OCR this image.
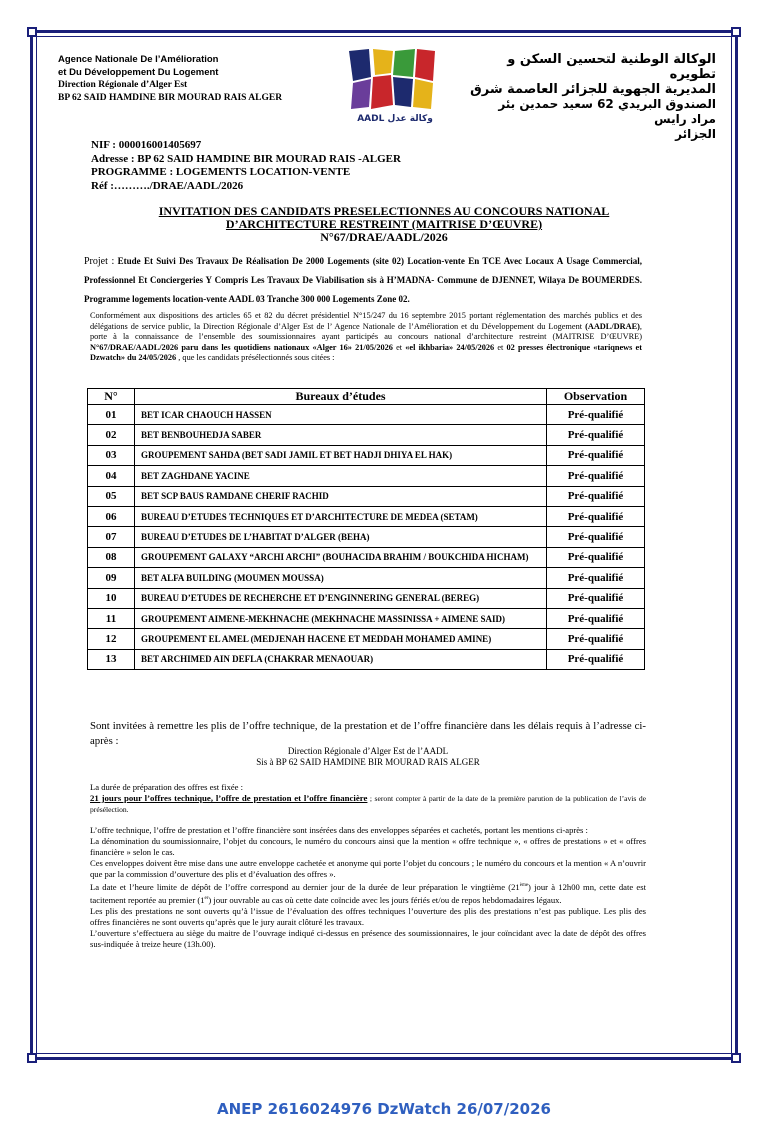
Agence Nationale De l’Amélioration
et Du Développement Du Logement
Direction Régionale d’Alger Est
BP 62 SAID HAMDINE BIR MOURAD RAIS ALGER
AADL وكالة عدل
الوكالة الوطنية لتحسين السكن و تطويره
المديرية الجهوية للجزائر العاصمة شرق
الصندوق البريدي 62 سعيد حمدين بئر مراد رايس
الجزائر
NIF : 000016001405697
Adresse : BP 62 SAID HAMDINE BIR MOURAD RAIS -ALGER
PROGRAMME : LOGEMENTS LOCATION-VENTE
Réf :………./DRAE/AADL/2026
INVITATION DES CANDIDATS PRESELECTIONNES AU CONCOURS NATIONAL
D’ARCHITECTURE RESTREINT (MAITRISE D’ŒUVRE)
N°67/DRAE/AADL/2026
Projet : Etude Et Suivi Des Travaux De Réalisation De 2000 Logements (site 02) Location-vente En TCE Avec Locaux A Usage Commercial, Professionnel Et Conciergeries Y Compris Les Travaux De Viabilisation sis à H’MADNA- Commune de DJENNET, Wilaya De BOUMERDES. Programme logements location-vente AADL 03 Tranche 300 000 Logements Zone 02.
Conformément aux dispositions des articles 65 et 82 du décret présidentiel N°15/247 du 16 septembre 2015 portant réglementation des marchés publics et des délégations de service public, la Direction Régionale d’Alger Est de l’ Agence Nationale de l’Amélioration et du Développement du Logement (AADL/DRAE), porte à la connaissance de l’ensemble des soumissionnaires ayant participés au concours national d’architecture restreint (MAITRISE D’ŒUVRE) N°67/DRAE/AADL/2026 paru dans les quotidiens nationaux «Alger 16» 21/05/2026 et «el ikhbaria» 24/05/2026 et 02 presses électronique «tariqnews et Dzwatch» du 24/05/2026 , que les candidats présélectionnés sous citées :
N°	Bureaux d’études	Observation
01	BET ICAR CHAOUCH HASSEN	Pré-qualifié
02	BET BENBOUHEDJA SABER	Pré-qualifié
03	GROUPEMENT SAHDA (BET SADI JAMIL ET BET HADJI DHIYA EL HAK)	Pré-qualifié
04	BET ZAGHDANE YACINE	Pré-qualifié
05	BET SCP BAUS RAMDANE CHERIF RACHID	Pré-qualifié
06	BUREAU D’ETUDES TECHNIQUES ET D’ARCHITECTURE DE MEDEA (SETAM)	Pré-qualifié
07	BUREAU D’ETUDES DE L’HABITAT D’ALGER (BEHA)	Pré-qualifié
08	GROUPEMENT GALAXY “ARCHI ARCHI” (BOUHACIDA BRAHIM / BOUKCHIDA HICHAM)	Pré-qualifié
09	BET ALFA BUILDING (MOUMEN MOUSSA)	Pré-qualifié
10	BUREAU D’ETUDES DE RECHERCHE ET D’ENGINNERING GENERAL (BEREG)	Pré-qualifié
11	GROUPEMENT AIMENE-MEKHNACHE (MEKHNACHE MASSINISSA + AIMENE SAID)	Pré-qualifié
12	GROUPEMENT EL AMEL (MEDJENAH HACENE ET MEDDAH MOHAMED AMINE)	Pré-qualifié
13	BET ARCHIMED AIN DEFLA (CHAKRAR MENAOUAR)	Pré-qualifié
Sont invitées à remettre les plis de l’offre technique, de la prestation et de l’offre financière dans les délais requis à l’adresse ci- après :
Direction Régionale d’Alger Est de l’AADL
Sis à BP 62 SAID HAMDINE BIR MOURAD RAIS ALGER

La durée de préparation des offres est fixée :

21 jours pour l’offres technique, l’offre de prestation et l’offre financière ; seront compter à partir de la date de la première parution de la publication de l’avis de présélection.

L’offre technique, l’offre de prestation et l’offre financière sont insérées dans des enveloppes séparées et cachetés, portant les mentions ci-après :

La dénomination du soumissionnaire, l’objet du concours, le numéro du concours ainsi que la mention « offre technique », « offres de prestations » et « offres financière » selon le cas.

Ces enveloppes doivent être mise dans une autre enveloppe cachetée et anonyme qui porte l’objet du concours ; le numéro du concours et la mention « A n’ouvrir que par la commission d’ouverture des plis et d’évaluation des offres ».

La date et l’heure limite de dépôt de l’offre correspond au dernier jour de la durée de leur préparation le vingtième (21ème) jour à 12h00 mn, cette date est tacitement reportée au premier (1er) jour ouvrable au cas où cette date coïncide avec les jours fériés et/ou de repos hebdomadaires légaux.

Les plis des prestations ne sont ouverts qu’à l’issue de l’évaluation des offres techniques l’ouverture des plis des prestations n’est pas publique. Les plis des offres financières ne sont ouverts qu’après que le jury aurait clôturé les travaux.

L’ouverture s’effectuera au siège du maitre de l’ouvrage indiqué ci-dessus en présence des soumissionnaires, le jour coïncidant avec la date de dépôt des offres sus-indiquée à treize heure (13h.00).

ANEP 2616024976 DzWatch 26/07/2026
